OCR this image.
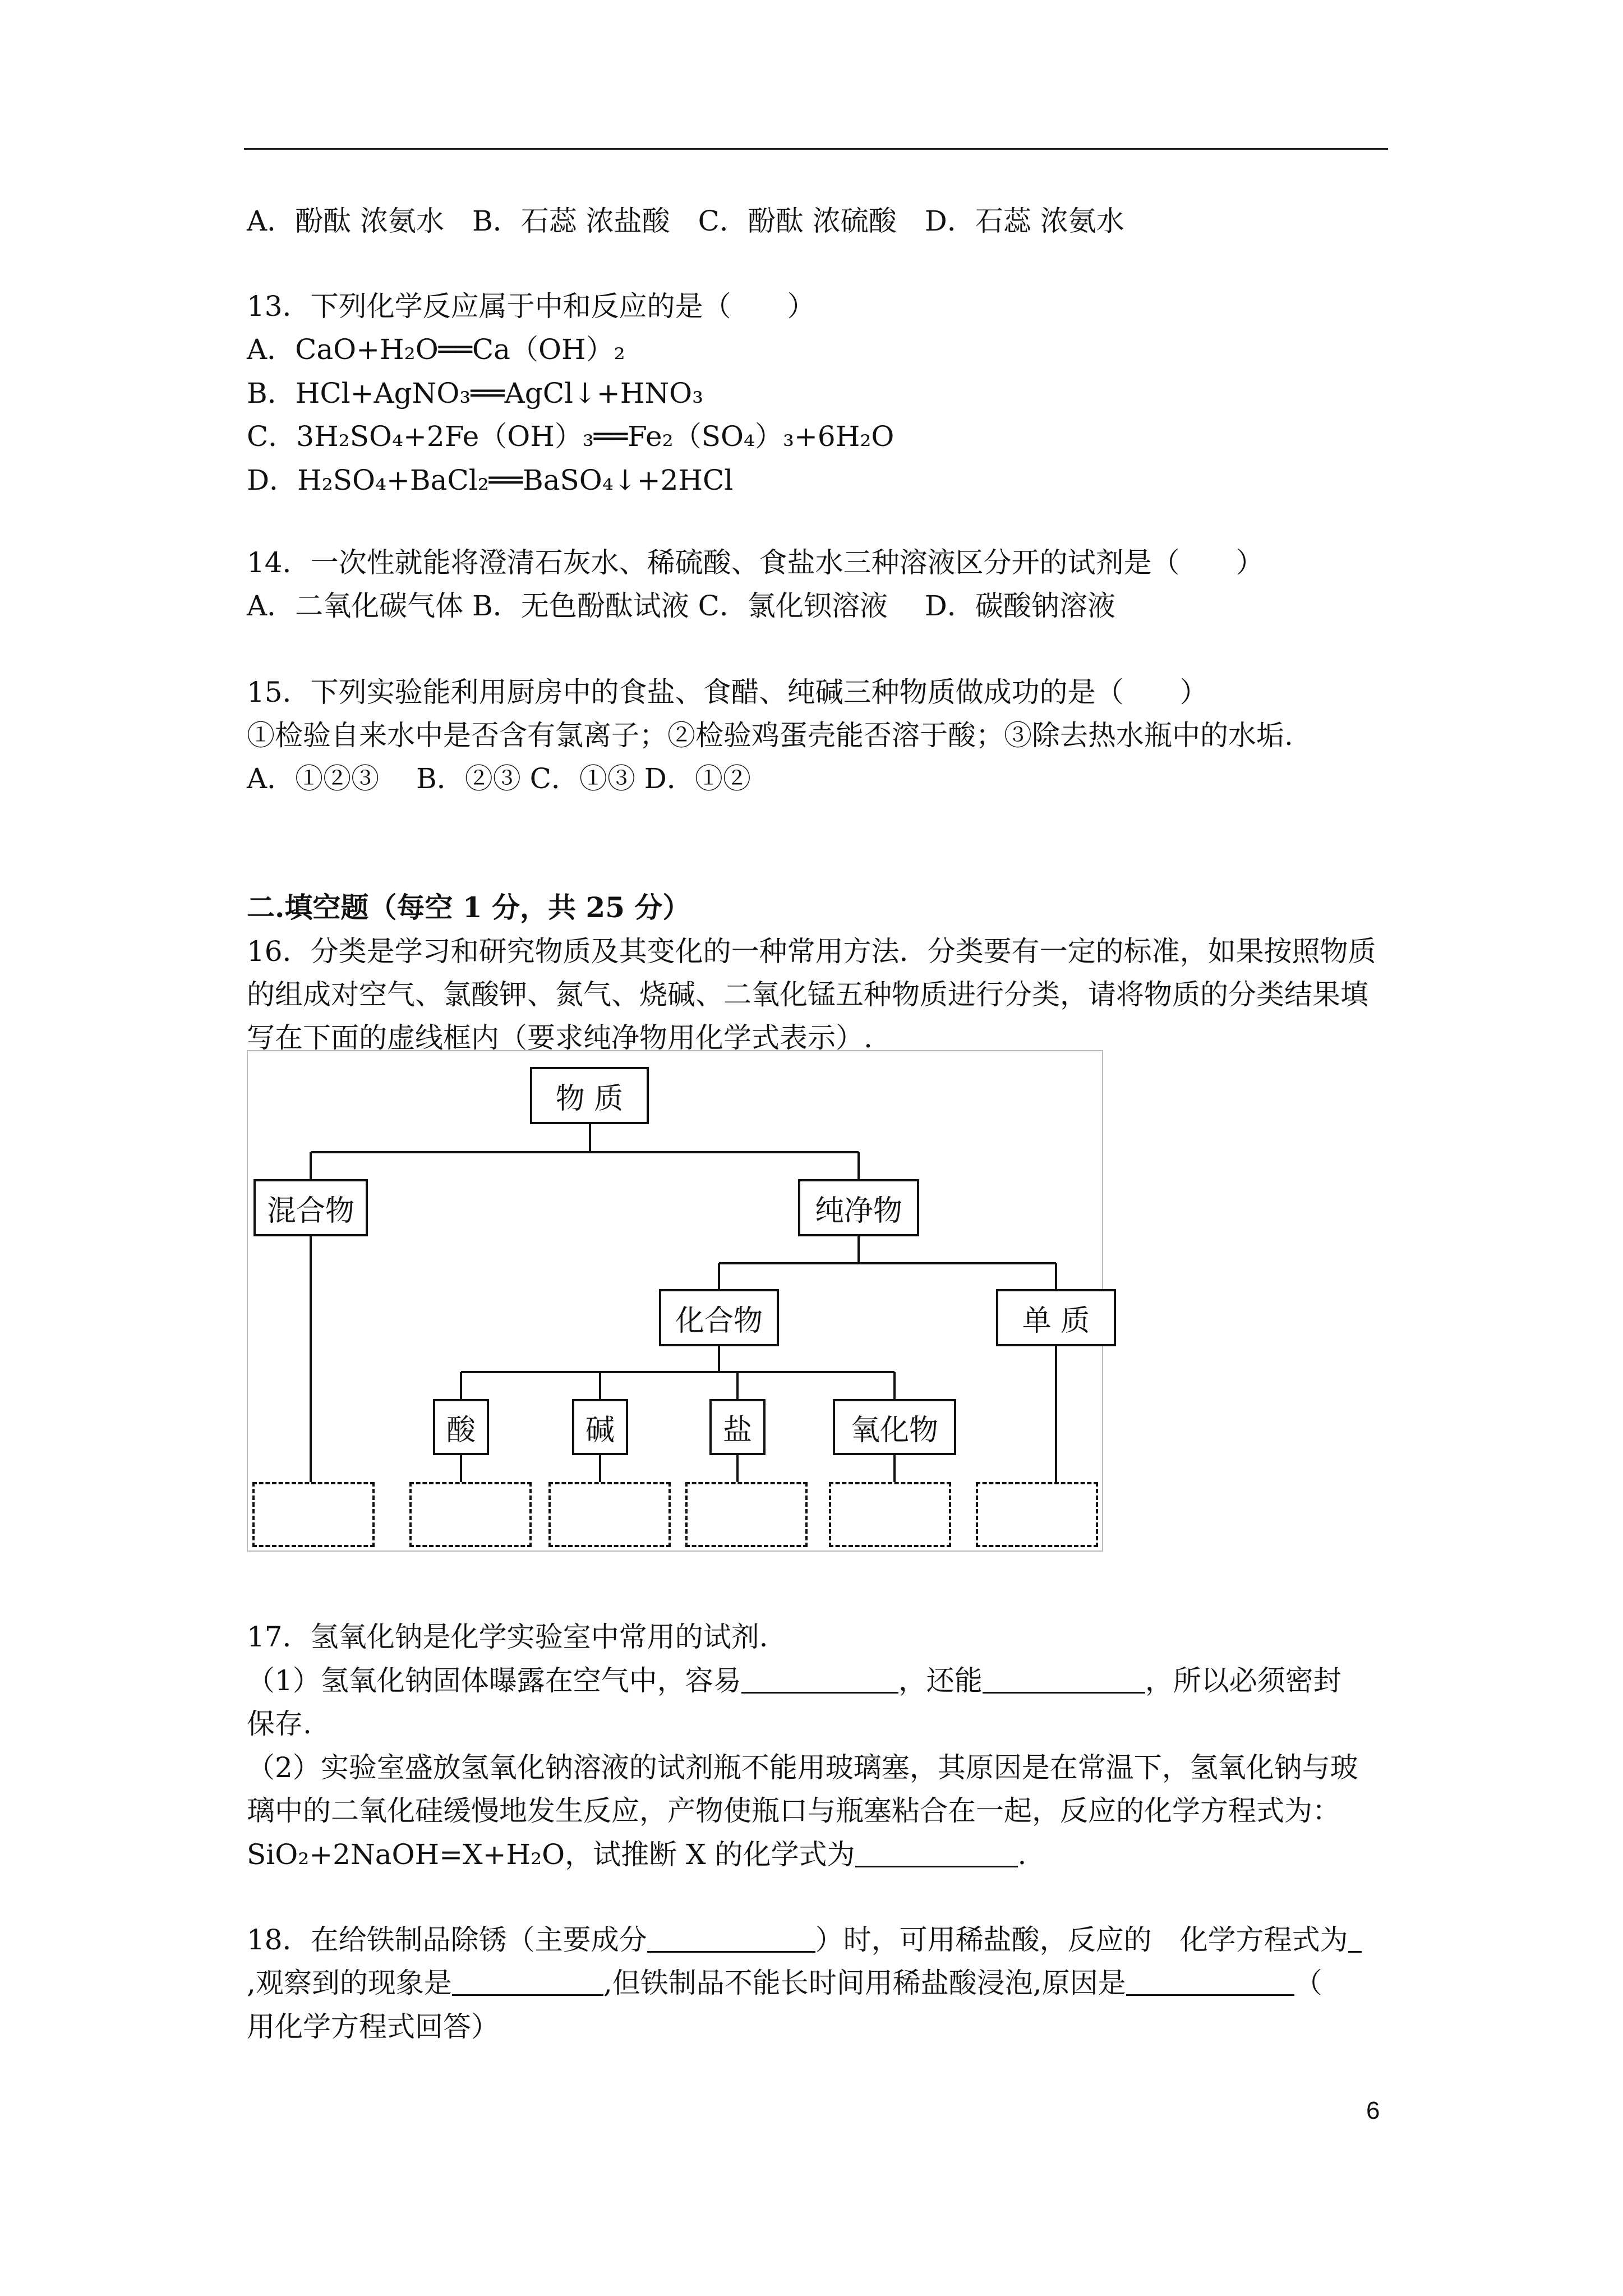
A．酚酞 浓氨水　B．石蕊 浓盐酸　C．酚酞 浓硫酸　D．石蕊 浓氨水
13．下列化学反应属于中和反应的是（　　）
A．CaO+H₂O══Ca（OH）₂
B．HCl+AgNO₃══AgCl↓+HNO₃
C．3H₂SO₄+2Fe（OH）₃══Fe₂（SO₄）₃+6H₂O
D．H₂SO₄+BaCl₂══BaSO₄↓+2HCl
14．一次性就能将澄清石灰水、稀硫酸、食盐水三种溶液区分开的试剂是（　　）
A．二氧化碳气体 B．无色酚酞试液 C．氯化钡溶液　 D．碳酸钠溶液
15．下列实验能利用厨房中的食盐、食醋、纯碱三种物质做成功的是（　　）
①检验自来水中是否含有氯离子；②检验鸡蛋壳能否溶于酸；③除去热水瓶中的水垢.
A．①②③　 B．②③ C．①③ D．①②
二.填空题（每空 1 分，共 25 分）
16．分类是学习和研究物质及其变化的一种常用方法．分类要有一定的标准，如果按照物质
的组成对空气、氯酸钾、氮气、烧碱、二氧化锰五种物质进行分类，请将物质的分类结果填
写在下面的虚线框内（要求纯净物用化学式表示）.
物 质
混合物	纯净物
化合物	单 质
酸	碱	盐	氧化物
17．氢氧化钠是化学实验室中常用的试剂.
（1）氢氧化钠固体曝露在空气中，容易	，还能	，所以必须密封
保存.
（2）实验室盛放氢氧化钠溶液的试剂瓶不能用玻璃塞，其原因是在常温下，氢氧化钠与玻
璃中的二氧化硅缓慢地发生反应，产物使瓶口与瓶塞粘合在一起，反应的化学方程式为：
SiO₂+2NaOH=X+H₂O，试推断 X 的化学式为	.
18．在给铁制品除锈（主要成分	）时，可用稀盐酸，反应的　化学方程式为
,观察到的现象是	,但铁制品不能长时间用稀盐酸浸泡,原因是	（
用化学方程式回答）
6
